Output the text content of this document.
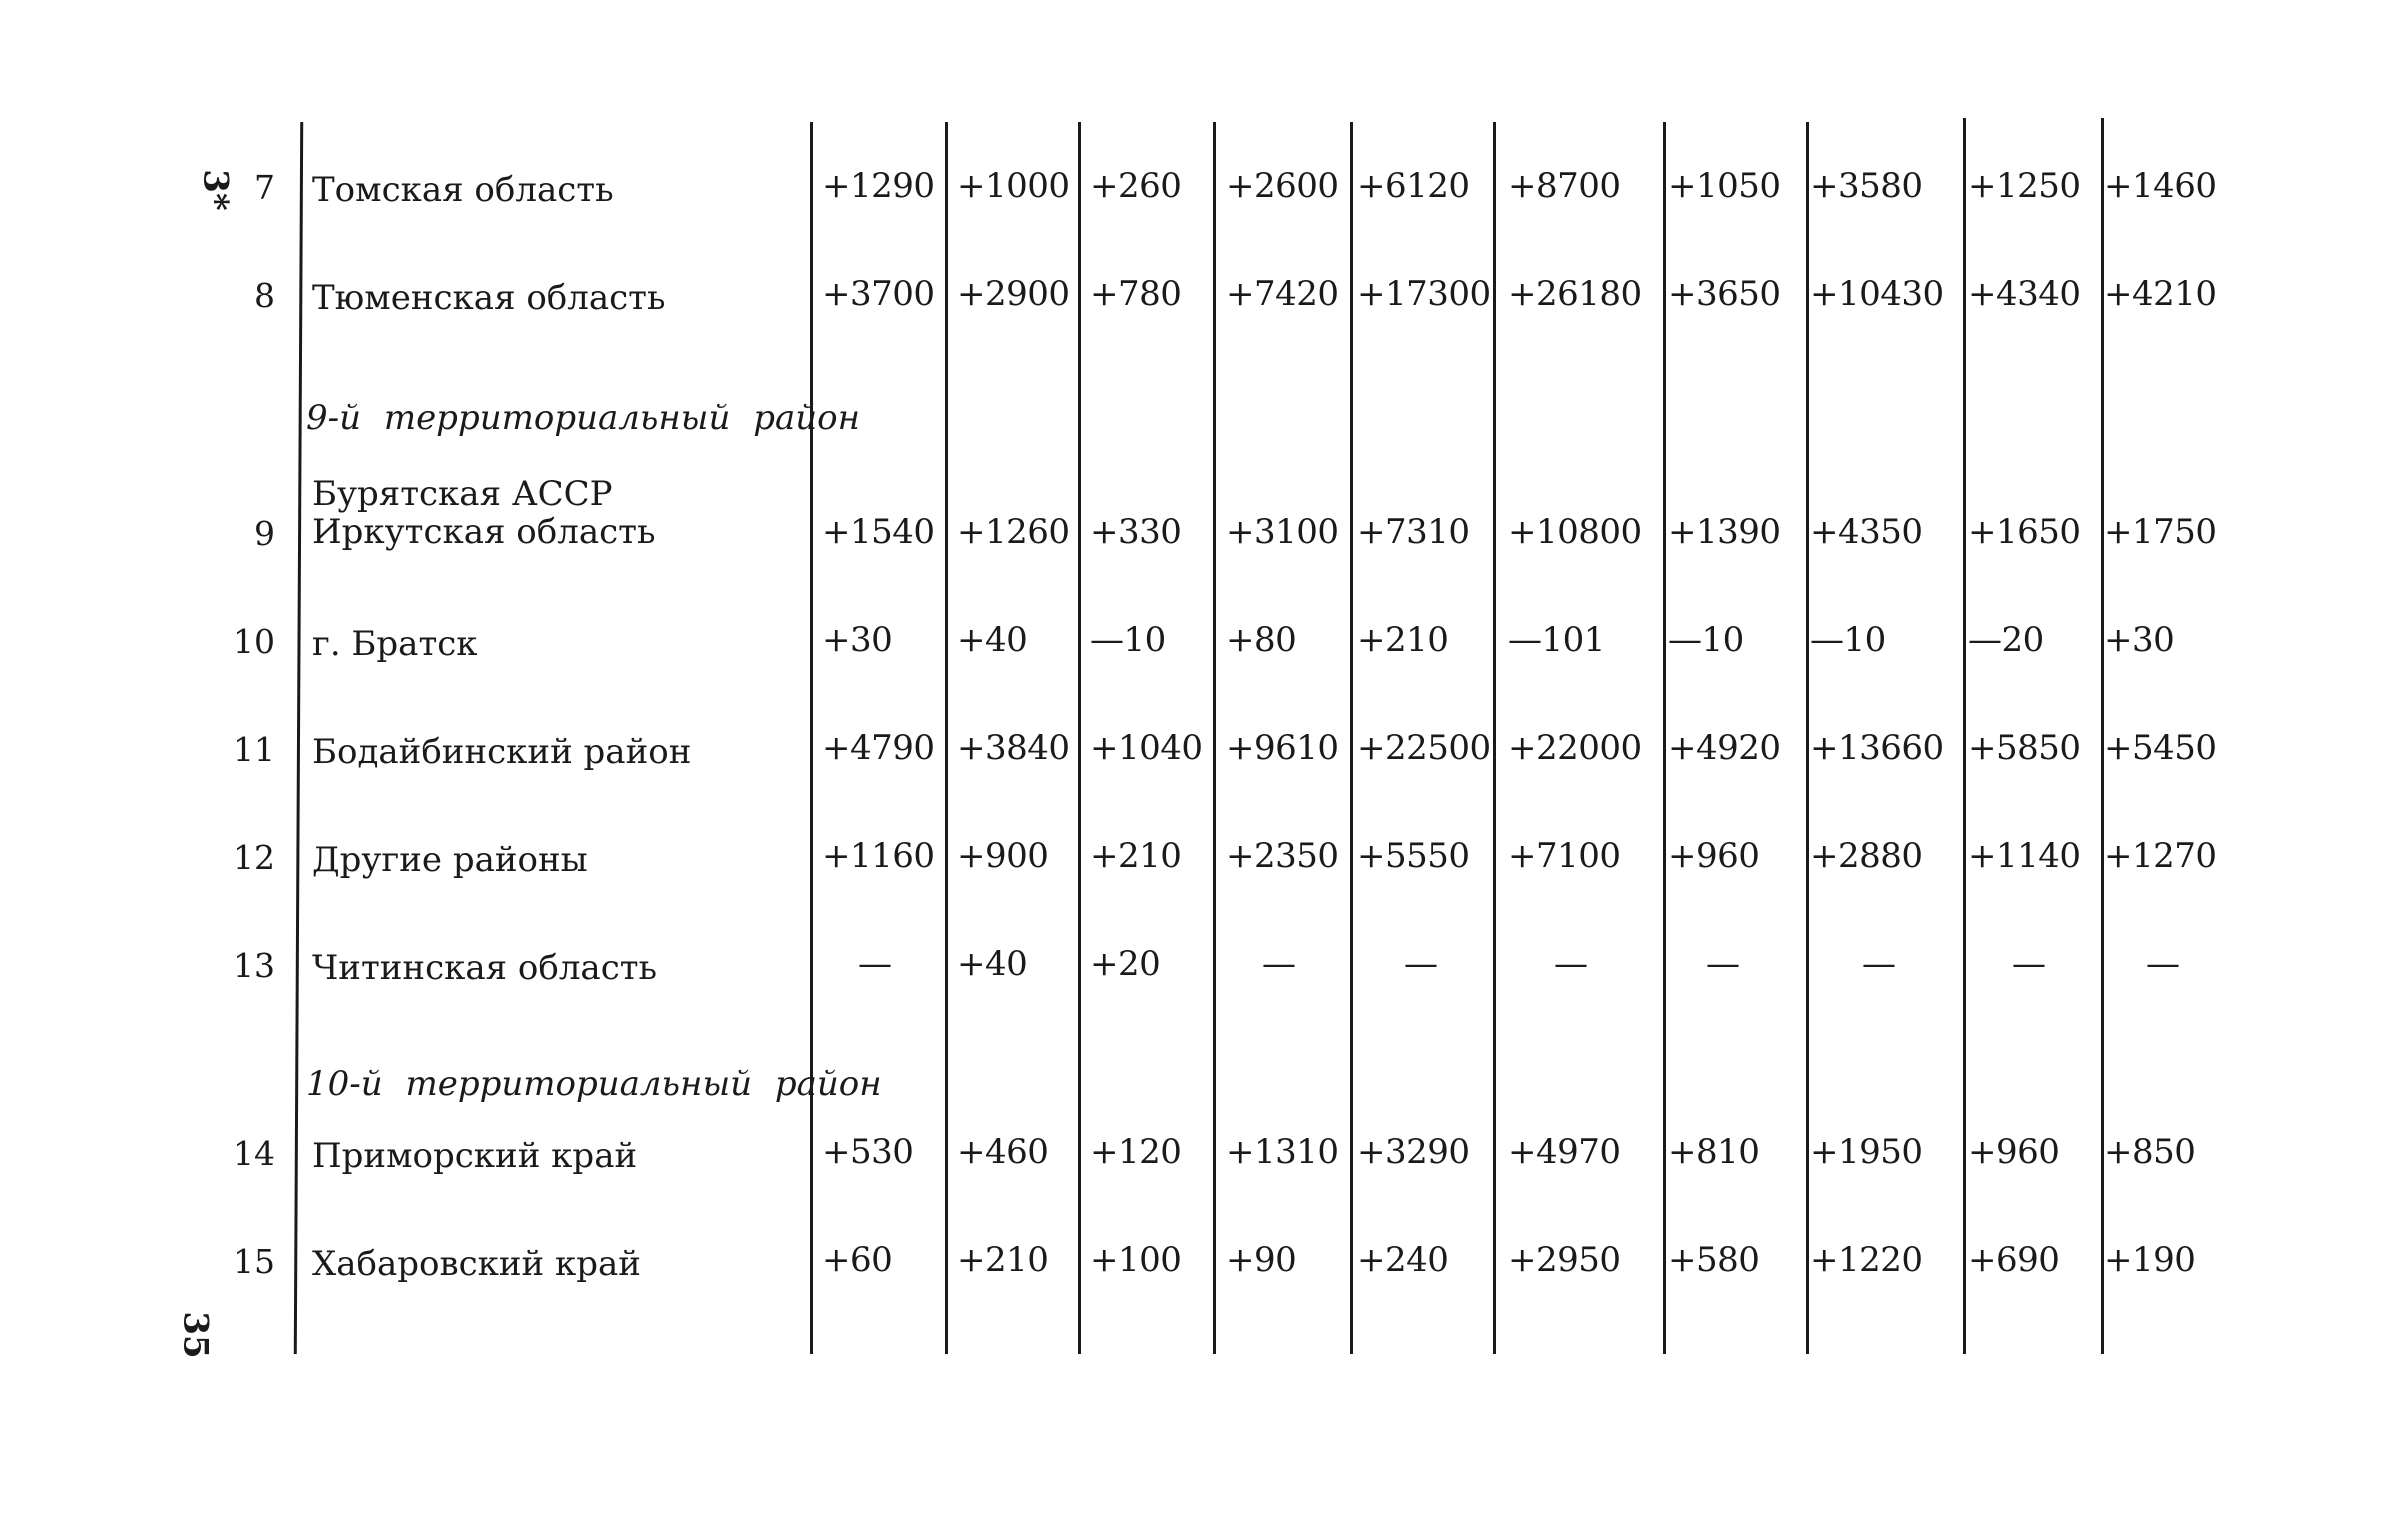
3*
35
7 Томская область	+1290 +1000 +260 +2600 +6120 +8700 +1050 +3580 +1250 +1460
8 Тюменская область	+3700 +2900 +780 +7420 +17300 +26180 +3650 +10430 +4340 +4210
9-й территориальный район
Бурятская АССР
9 Иркутская область	+1540 +1260 +330 +3100 +7310 +10800 +1390 +4350 +1650 +1750
10 г. Братск	+30 +40 —10 +80 +210 —101 —10 —10 —20 +30
11 Бодайбинский район	+4790 +3840 +1040 +9610 +22500 +22000 +4920 +13660 +5850 +5450
12 Другие районы	+1160 +900 +210 +2350 +5550 +7100 +960 +2880 +1140 +1270
13 Читинская область	— +40 +20	—	—	—	—	—	—	—
10-й территориальный район
14 Приморский край	+530 +460 +120 +1310 +3290 +4970 +810 +1950 +960 +850
15 Хабаровский край	+60 +210 +100 +90 +240 +2950 +580 +1220 +690 +190
